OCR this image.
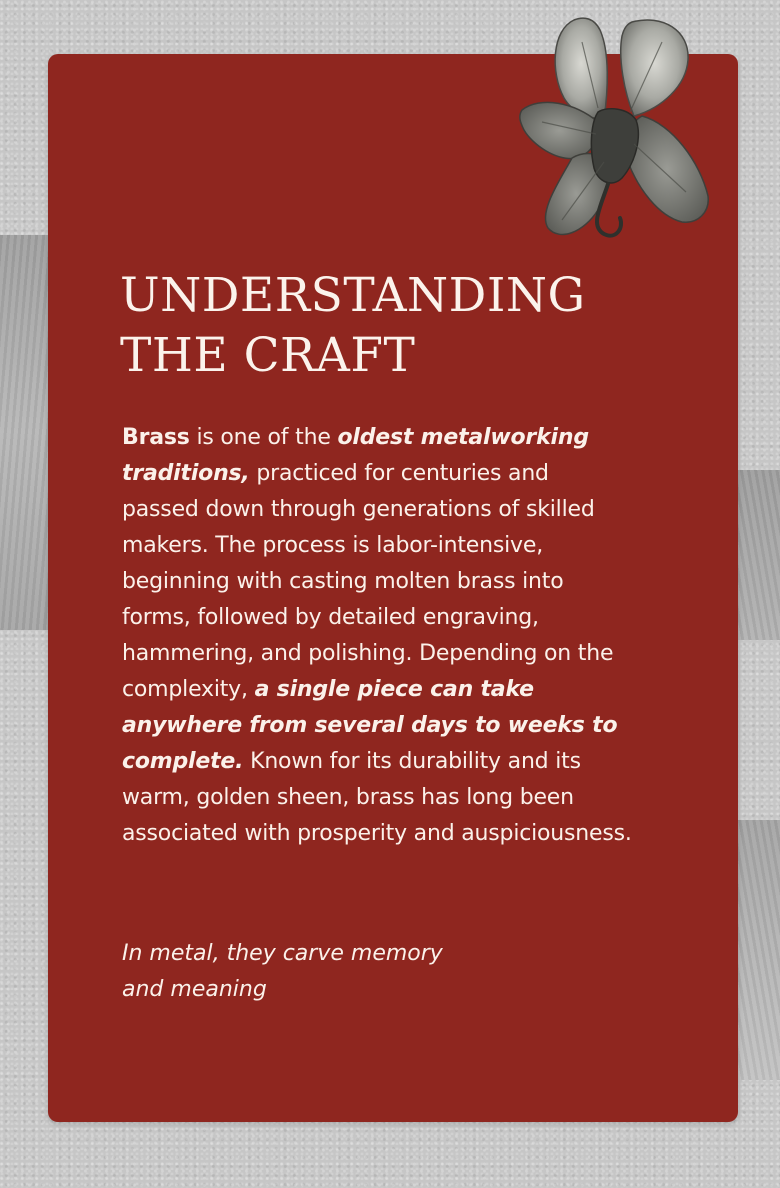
UNDERSTANDING
THE CRAFT

Brass is one of the oldest metalworking traditions, practiced for centuries and passed down through generations of skilled makers. The process is labor-intensive, beginning with casting molten brass into forms, followed by detailed engraving, hammering, and polishing. Depending on the complexity, a single piece can take anywhere from several days to weeks to complete. Known for its durability and its warm, golden sheen, brass has long been associated with prosperity and auspiciousness.

In metal, they carve memory
and meaning
